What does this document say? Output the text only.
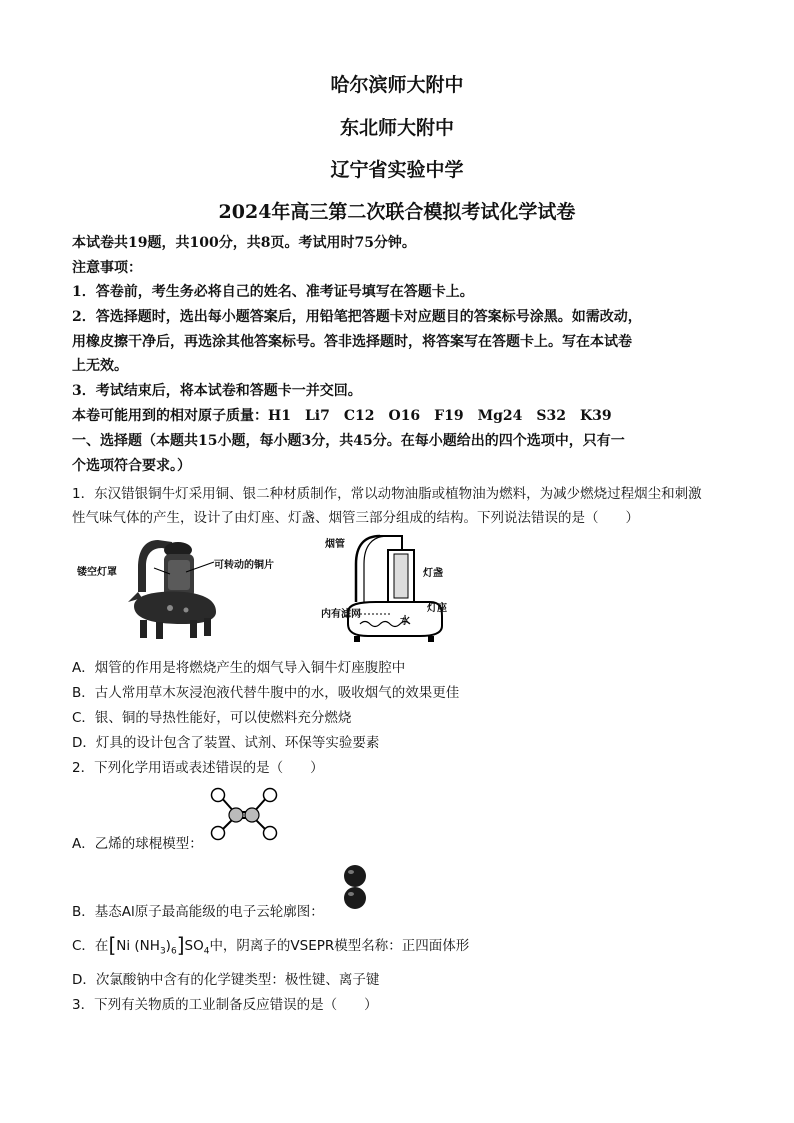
哈尔滨师大附中
东北师大附中
辽宁省实验中学
2024年高三第二次联合模拟考试化学试卷
本试卷共19题，共100分，共8页。考试用时75分钟。
注意事项：
1．答卷前，考生务必将自己的姓名、准考证号填写在答题卡上。
2．答选择题时，选出每小题答案后，用铅笔把答题卡对应题目的答案标号涂黑。如需改动，
用橡皮擦干净后，再选涂其他答案标号。答非选择题时，将答案写在答题卡上。写在本试卷
上无效。
3．考试结束后，将本试卷和答题卡一并交回。
本卷可能用到的相对原子质量：H1　Li7　C12　O16　F19　Mg24　S32　K39
一、选择题（本题共15小题，每小题3分，共45分。在每小题给出的四个选项中，只有一
个选项符合要求。）
1．东汉错银铜牛灯采用铜、银二种材质制作，常以动物油脂或植物油为燃料，为减少燃烧过程烟尘和刺激
性气味气体的产生，设计了由灯座、灯盏、烟管三部分组成的结构。下列说法错误的是（　　）
镂空灯罩
可转动的铜片
烟管
灯盏
内有滤网
水
灯座
A．烟管的作用是将燃烧产生的烟气导入铜牛灯座腹腔中
B．古人常用草木灰浸泡液代替牛腹中的水，吸收烟气的效果更佳
C．银、铜的导热性能好，可以使燃料充分燃烧
D．灯具的设计包含了装置、试剂、环保等实验要素
2．下列化学用语或表述错误的是（　　）
A．乙烯的球棍模型：
B．基态Al原子最高能级的电子云轮廓图：
C．在[Ni $(NH_3)_6]SO_4$中，阴离子的VSEPR模型名称：正四面体形
D．次氯酸钠中含有的化学键类型：极性键、离子键
3．下列有关物质的工业制备反应错误的是（　　）
